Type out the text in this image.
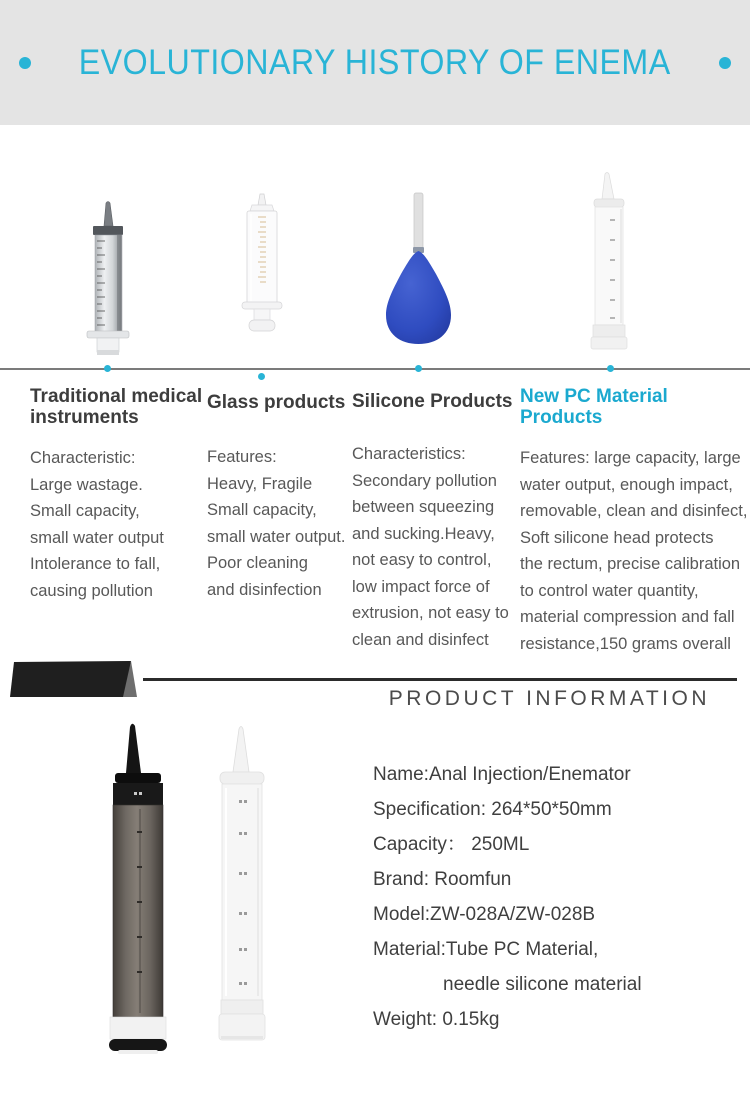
EVOLUTIONARY HISTORY OF ENEMA
Traditional medical
instruments
Characteristic:
Large wastage.
Small capacity,
small water output
Intolerance to fall,
causing pollution
Glass products
Features:
Heavy, Fragile
Small capacity,
small water output.
Poor cleaning
and disinfection
Silicone Products
Characteristics:
Secondary pollution
between squeezing
and sucking.Heavy,
not easy to control,
low impact force of
extrusion, not easy to
clean and disinfect
New PC Material
Products
Features: large capacity, large
water output, enough impact,
removable, clean and disinfect,
Soft silicone head protects
the rectum, precise calibration
to control water quantity,
material compression and fall
resistance,150 grams overall
PRODUCT INFORMATION
Name:Anal Injection/Enemator
Specification: 264*50*50mm
Capacity： 250ML
Brand: Roomfun
Model:ZW-028A/ZW-028B
Material:Tube PC Material,
needle silicone material
Weight: 0.15kg
